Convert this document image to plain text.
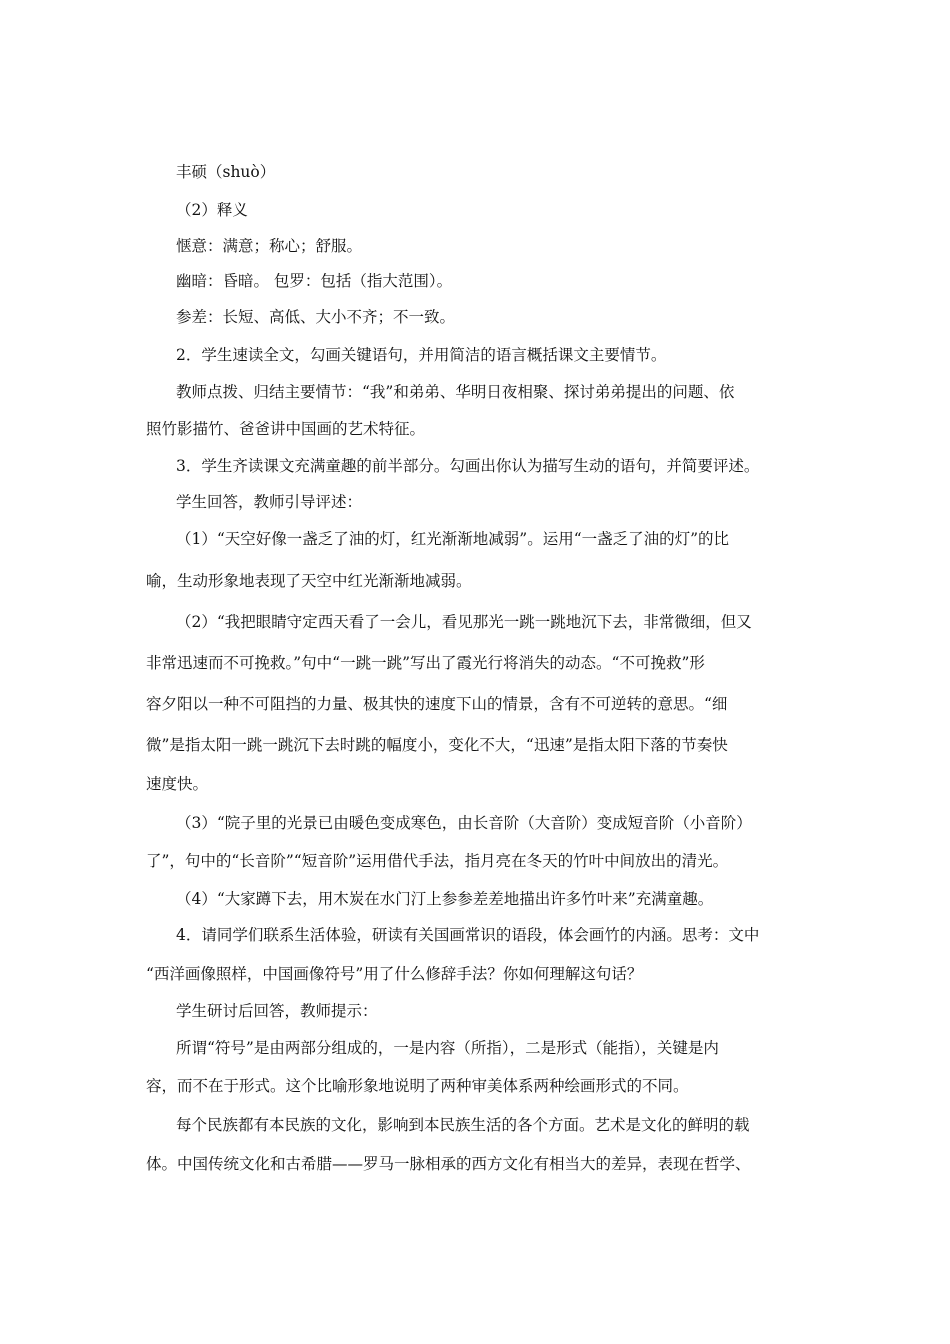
丰硕（shuò）

（2）释义

惬意：满意；称心；舒服。

幽暗：昏暗。 包罗：包括（指大范围）。

参差：长短、高低、大小不齐；不一致。

2．学生速读全文，勾画关键语句，并用简洁的语言概括课文主要情节。

教师点拨、归结主要情节：“我”和弟弟、华明日夜相聚、探讨弟弟提出的问题、依

照竹影描竹、爸爸讲中国画的艺术特征。

3．学生齐读课文充满童趣的前半部分。勾画出你认为描写生动的语句，并简要评述。

学生回答，教师引导评述：

（1）“天空好像一盏乏了油的灯，红光渐渐地减弱”。运用“一盏乏了油的灯”的比

喻，生动形象地表现了天空中红光渐渐地减弱。

（2）“我把眼睛守定西天看了一会儿，看见那光一跳一跳地沉下去，非常微细，但又

非常迅速而不可挽救。”句中“一跳一跳”写出了霞光行将消失的动态。“不可挽救”形

容夕阳以一种不可阻挡的力量、极其快的速度下山的情景，含有不可逆转的意思。“细

微”是指太阳一跳一跳沉下去时跳的幅度小，变化不大，“迅速”是指太阳下落的节奏快

速度快。

（3）“院子里的光景已由暖色变成寒色，由长音阶（大音阶）变成短音阶（小音阶）

了”，句中的“长音阶”“短音阶”运用借代手法，指月亮在冬天的竹叶中间放出的清光。

（4）“大家蹲下去，用木炭在水门汀上参参差差地描出许多竹叶来”充满童趣。

4．请同学们联系生活体验，研读有关国画常识的语段，体会画竹的内涵。思考：文中

“西洋画像照样，中国画像符号”用了什么修辞手法？你如何理解这句话？

学生研讨后回答，教师提示：

所谓“符号”是由两部分组成的，一是内容（所指），二是形式（能指），关键是内

容，而不在于形式。这个比喻形象地说明了两种审美体系两种绘画形式的不同。

每个民族都有本民族的文化，影响到本民族生活的各个方面。艺术是文化的鲜明的载

体。中国传统文化和古希腊——罗马一脉相承的西方文化有相当大的差异，表现在哲学、
